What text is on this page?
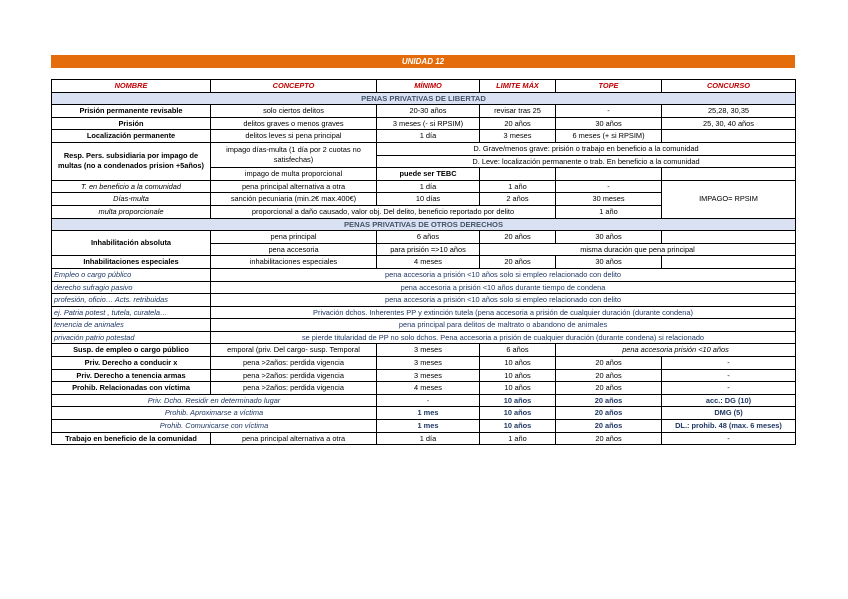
UNIDAD 12
NOMBRE	CONCEPTO	MÍNIMO	LIMITE MÁX	TOPE	CONCURSO
PENAS PRIVATIVAS DE LIBERTAD					
Prisión permanente revisable	solo ciertos delitos	20-30 años	revisar tras 25	-	25,28, 30,35
Prisión	delitos graves o menos graves	3 meses (- si RPSIM)	20 años	30 años	25, 30, 40 años
Localización permanente	delitos leves si pena principal	1 día	3 meses	6 meses (+ si RPSIM)	
Resp. Pers. subsidiaria por impago de multas (no a condenados prision +5años)	impago días-multa (1 día por 2 cuotas no satisfechas)	D. Grave/menos grave: prisión o trabajo en beneficio a la comunidad			
		D. Leve: localización permanente o trab. En beneficio a la comunidad			
	impago de multa proporcional	puede ser TEBC			
T. en beneficio a la comunidad	pena principal alternativa a otra	1 día	1 año	-	IMPAGO= RPSIM
Días-multa	sanción pecuniaria (min.2€ max.400€)	10 días	2 años	30 meses	
multa proporcionale	proporcional a daño causado, valor obj. Del delito, beneficio reportado por delito			1 año	
PENAS PRIVATIVAS DE OTROS DERECHOS					
Inhabilitación absoluta	pena principal	6 años	20 años	30 años	
	pena accesoria	para prisión =>10 años	misma duración que pena principal		
Inhabilitaciones especiales	inhabilitaciones especiales	4 meses	20 años	30 años	
Empleo o cargo público	pena accesoria a prisión <10 años solo si empleo relacionado con delito				
derecho sufragio pasivo	pena accesoria a prisión <10 años durante tiempo de condena				
profesión, oficio… Acts. retribuidas	pena accesoria a prisión <10 años solo si empleo relacionado con delito				
ej. Patria potest , tutela, curatela…	Privación dchos. Inherentes PP y extinción tutela (pena accesoria a prisión de cualquier duración (durante condena)				
tenencia de animales	pena principal para delitos de maltrato o abandono de animales				
privación patrio potestad	se pierde titularidad de PP no solo dchos. Pena accesoria a prisión de cualquier duración (durante condena) si relacionado				
Susp. de empleo o cargo público	emporal (priv. Del cargo- susp. Temporal	3 meses	6 años	pena accesoria prisión <10 años	
Priv. Derecho a conducir x	pena >2años: perdida vigencia	3 meses	10 años	20 años	-
Priv. Derecho a tenencia armas	pena >2años: perdida vigencia	3 meses	10 años	20 años	-
Prohib. Relacionadas con víctima	pena >2años: perdida vigencia	4 meses	10 años	20 años	-
Priv. Dcho. Residir en determinado lugar		-	10 años	20 años	acc.: DG (10)
Prohib. Aproximarse a víctima		1 mes	10 años	20 años	DMG (5)
Prohib. Comunicarse con víctima		1 mes	10 años	20 años	DL.: prohib. 48 (max. 6 meses)
Trabajo en beneficio de la comunidad	pena principal alternativa a otra	1 día	1 año	20 años	-
